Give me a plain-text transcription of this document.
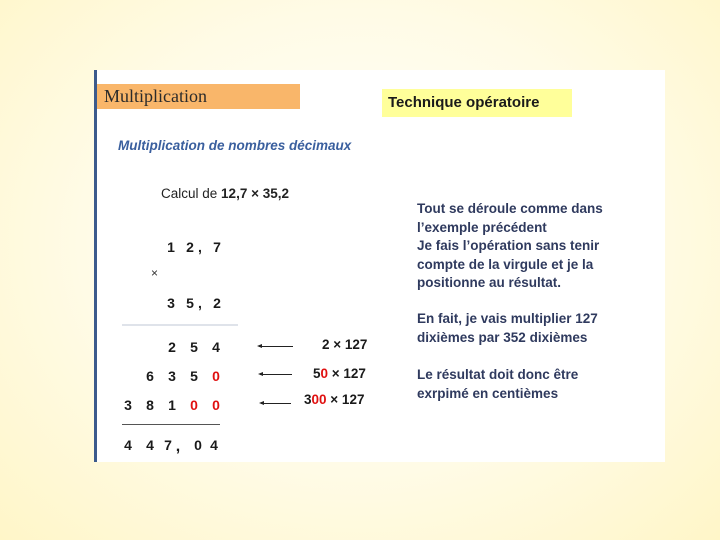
Multiplication	Technique opératoire
Multiplication de nombres décimaux
Calcul de 12,7 × 35,2
1 2 , 7
×
3 5 , 2
2 5 4
6 3 5 0
3 8 1 0 0
4 4 7 , 0 4
2 × 127
50 × 127
300 × 127
Tout se déroule comme dans
l’exemple précédent
Je fais l’opération sans tenir
compte de la virgule et je la
positionne au résultat.
En fait, je vais multiplier 127
dixièmes par 352 dixièmes
Le résultat doit donc être
exrpimé en centièmes
